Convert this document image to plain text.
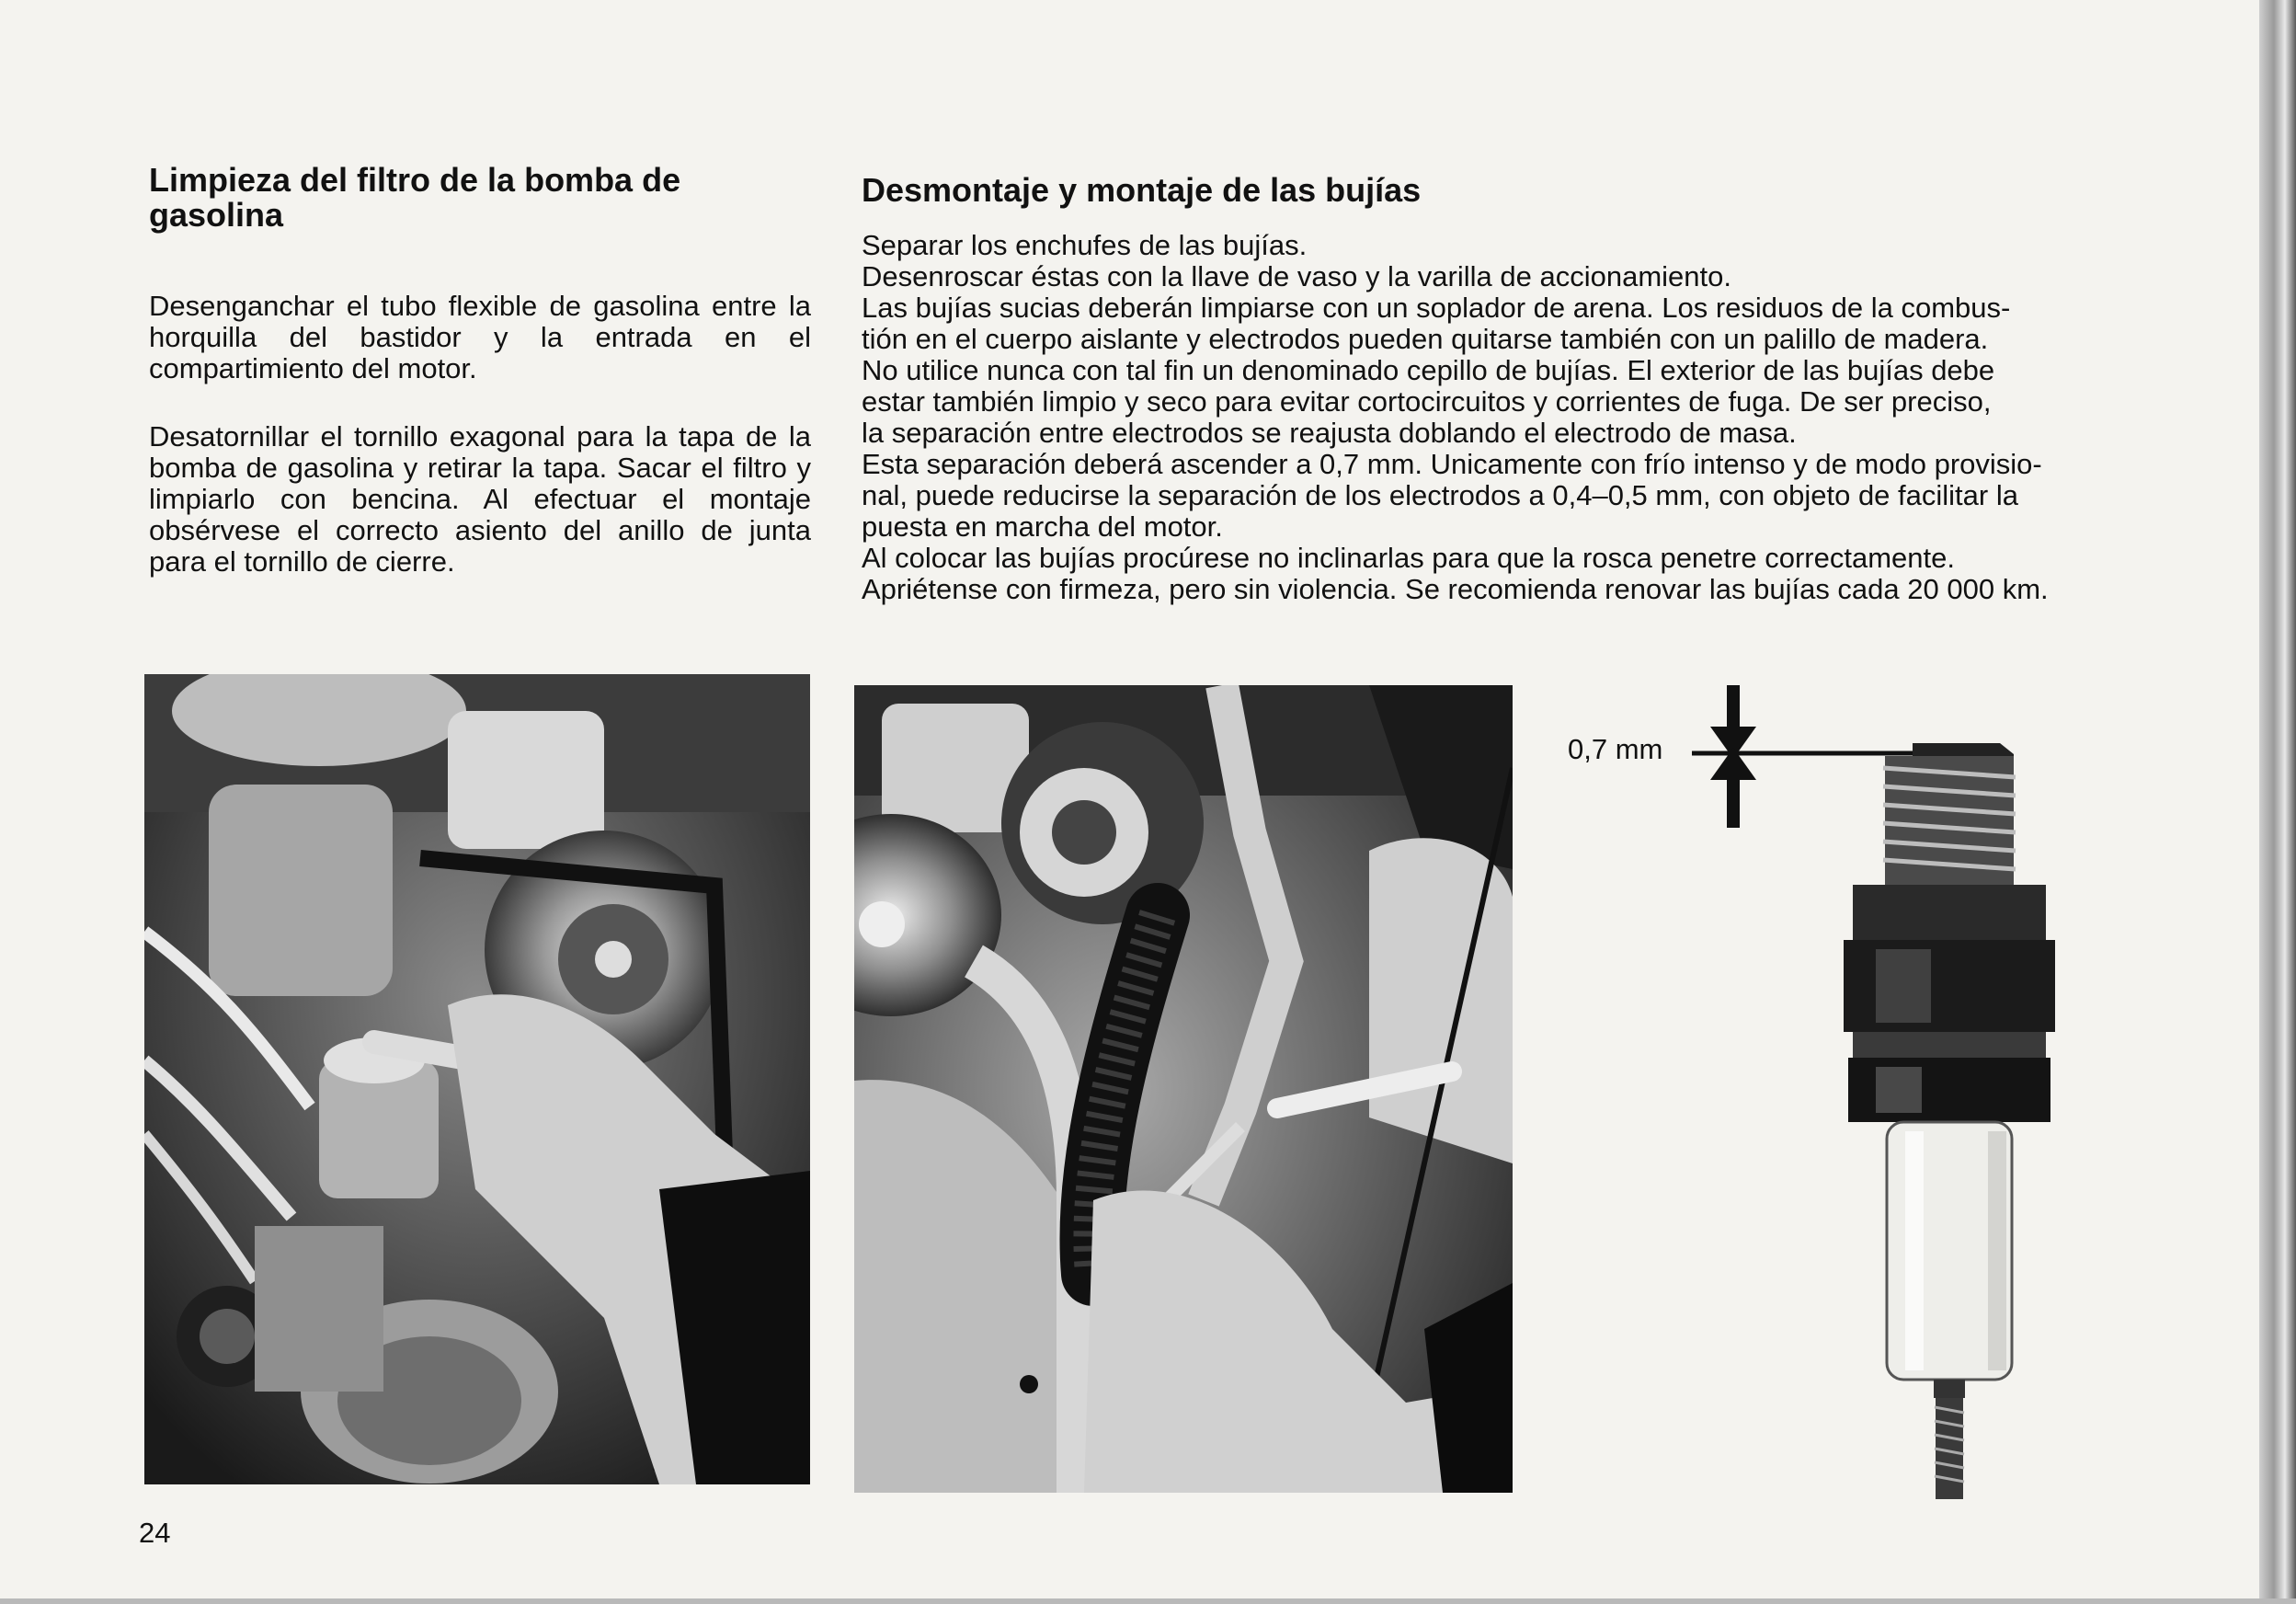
Limpieza del filtro de la bomba de gasolina

Desenganchar el tubo flexible de gasolina entre la horquilla del bastidor y la entrada en el compartimiento del motor.

Desatornillar el tornillo exagonal para la tapa de la bomba de gasolina y retirar la tapa. Sacar el filtro y limpiarlo con bencina. Al efectuar el montaje obsérvese el correcto asiento del anillo de junta para el tornillo de cierre.

Desmontaje y montaje de las bujías
Separar los enchufes de las bujías.
Desenroscar éstas con la llave de vaso y la varilla de accionamiento.
Las bujías sucias deberán limpiarse con un soplador de arena. Los residuos de la combus-
tión en el cuerpo aislante y electrodos pueden quitarse también con un palillo de madera.
No utilice nunca con tal fin un denominado cepillo de bujías. El exterior de las bujías debe
estar también limpio y seco para evitar cortocircuitos y corrientes de fuga. De ser preciso,
la separación entre electrodos se reajusta doblando el electrodo de masa.
Esta separación deberá ascender a 0,7 mm. Unicamente con frío intenso y de modo provisio-
nal, puede reducirse la separación de los electrodos a 0,4–0,5 mm, con objeto de facilitar la
puesta en marcha del motor.
Al colocar las bujías procúrese no inclinarlas para que la rosca penetre correctamente.
Apriétense con firmeza, pero sin violencia. Se recomienda renovar las bujías cada 20 000 km.
0,7 mm
24
